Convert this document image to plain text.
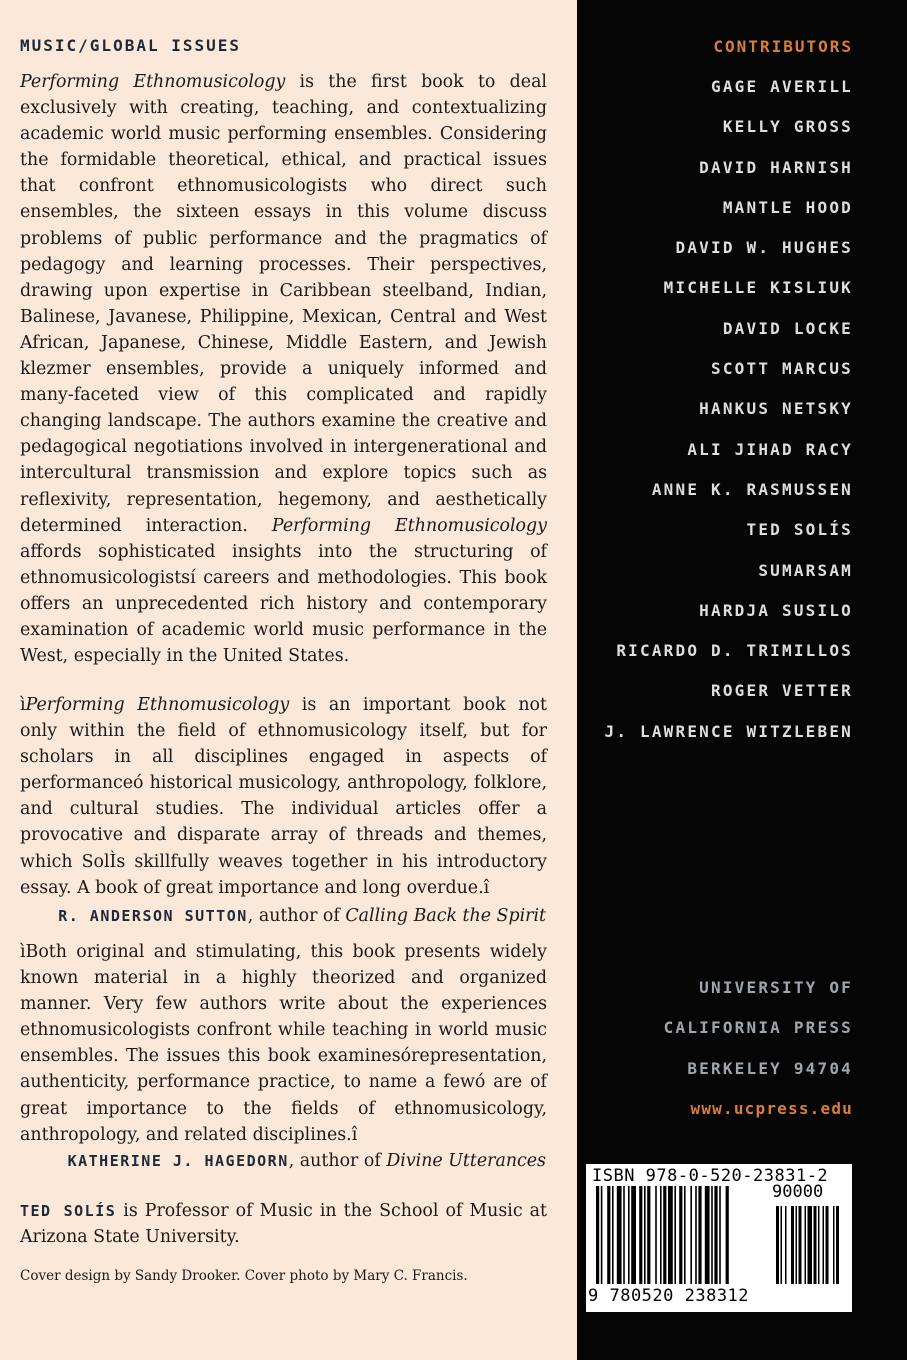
MUSIC/GLOBAL ISSUES
Performing Ethnomusicology is the first book to deal exclusively with creating, teaching, and contextualizing academic world music performing ensembles. Considering the formidable theoretical, ethical, and practical issues that confront ethnomusicologists who direct such ensembles, the sixteen essays in this volume discuss problems of public performance and the pragmatics of pedagogy and learning processes. Their perspectives, drawing upon expertise in Caribbean steelband, Indian, Balinese, Javanese, Philippine, Mexican, Central and West African, Japanese, Chinese, Middle Eastern, and Jewish klezmer ensembles, provide a uniquely informed and many-faceted view of this complicated and rapidly changing landscape. The authors examine the creative and pedagogical negotiations involved in intergenerational and intercultural transmission and explore topics such as reflexivity, representation, hegemony, and aesthetically determined interaction. Performing Ethnomusicology affords sophisticated insights into the structuring of ethnomusicologistsí careers and methodologies. This book offers an unprecedented rich history and contemporary examination of academic world music performance in the West, especially in the United States.
ìPerforming Ethnomusicology is an important book not only within the field of ethnomusicology itself, but for scholars in all disciplines engaged in aspects of performanceó historical musicology, anthropology, folklore, and cultural studies. The individual articles offer a provocative and disparate array of threads and themes, which SolÌs skillfully weaves together in his introductory essay. A book of great importance and long overdue.î
R. ANDERSON SUTTON, author of Calling Back the Spirit
ìBoth original and stimulating, this book presents widely known material in a highly theorized and organized manner. Very few authors write about the experiences ethnomusicologists confront while teaching in world music ensembles. The issues this book examinesórepresentation, authenticity, performance practice, to name a fewó are of great importance to the fields of ethnomusicology, anthropology, and related disciplines.î
KATHERINE J. HAGEDORN, author of Divine Utterances
TED SOLÍS is Professor of Music in the School of Music at Arizona State University.
Cover design by Sandy Drooker. Cover photo by Mary C. Francis.
CONTRIBUTORS
GAGE AVERILL
KELLY GROSS
DAVID HARNISH
MANTLE HOOD
DAVID W. HUGHES
MICHELLE KISLIUK
DAVID LOCKE
SCOTT MARCUS
HANKUS NETSKY
ALI JIHAD RACY
ANNE K. RASMUSSEN
TED SOLÍS
SUMARSAM
HARDJA SUSILO
RICARDO D. TRIMILLOS
ROGER VETTER
J. LAWRENCE WITZLEBEN
UNIVERSITY OF
CALIFORNIA PRESS
BERKELEY 94704
www.ucpress.edu
ISBN 978-0-520-23831-2
90000
9 780520 238312
